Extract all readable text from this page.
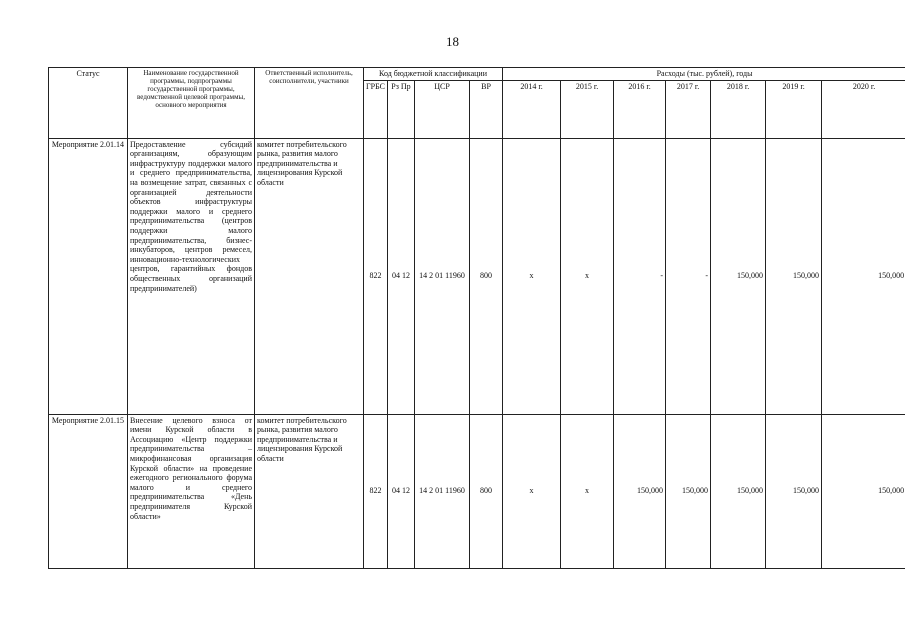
18
Статус	Наименование государственной программы, подпрограммы государственной программы, ведомственной целевой программы, основного мероприятия	Ответственный исполнитель, соисполнители, участники	Код бюджетной классификации				Расходы (тыс. рублей), годы						
			ГРБС	Рз Пр	ЦСР	ВР	2014 г.	2015 г.	2016 г.	2017 г.	2018 г.	2019 г.	2020 г.
Мероприятие 2.01.14	Предоставление субсидий организациям, образующим инфраструктуру поддержки малого и среднего предпринимательства, на возмещение затрат, связанных с организацией деятельности объектов инфраструктуры поддержки малого и среднего предпринимательства (центров поддержки малого предпринимательства, бизнес-инкубаторов, центров ремесел, инновационно-технологических центров, гарантийных фондов общественных организаций предпринимателей)	комитет потребительского рынка, развития малого предпринимательства и лицензирования Курской области	822	04 12	14 2 01 11960	800	х	х	-	-	150,000	150,000	150,000
Мероприятие 2.01.15	Внесение целевого взноса от имени Курской области в Ассоциацию «Центр поддержки предпринимательства – микрофинансовая организация Курской области» на проведение ежегодного регионального форума малого и среднего предпринимательства «День предпринимателя Курской области»	комитет потребительского рынка, развития малого предпринимательства и лицензирования Курской области	822	04 12	14 2 01 11960	800	х	х	150,000	150,000	150,000	150,000	150,000
